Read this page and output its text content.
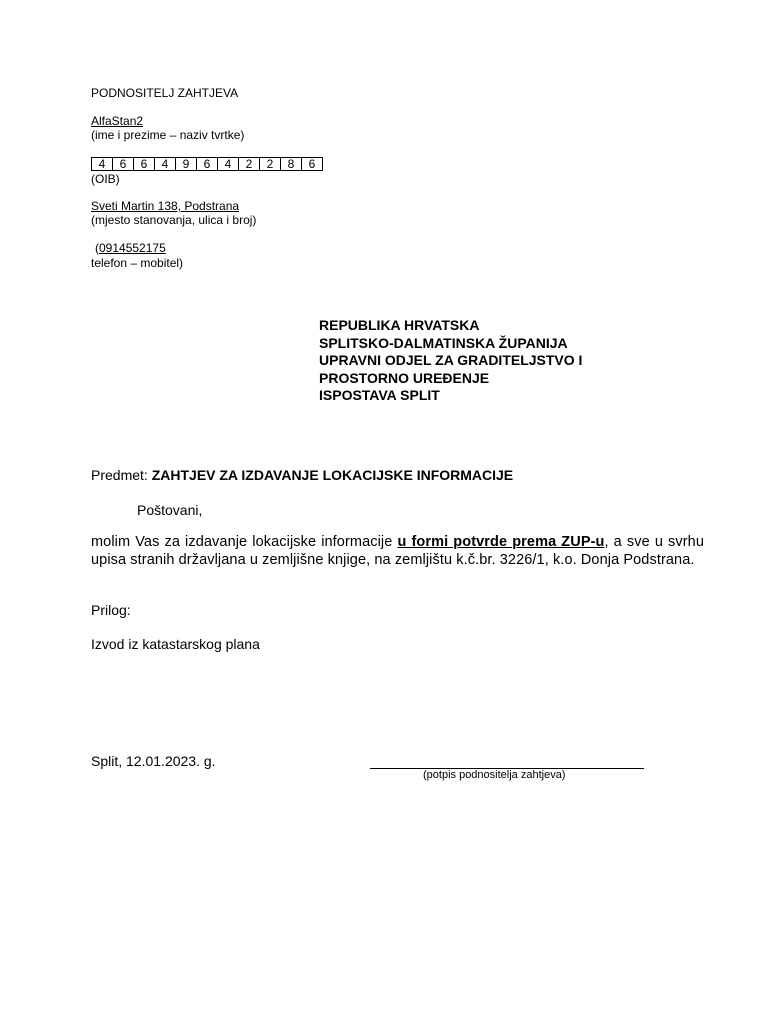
PODNOSITELJ ZAHTJEVA
AlfaStan2
(ime i prezime – naziv tvrtke)
4	6	6	4	9	6	4	2	2	8	6
(OIB)
Sveti Martin 138, Podstrana
(mjesto stanovanja, ulica i broj)
(0914552175
telefon – mobitel)
REPUBLIKA HRVATSKA
SPLITSKO-DALMATINSKA ŽUPANIJA
UPRAVNI ODJEL ZA GRADITELJSTVO I
PROSTORNO UREĐENJE
ISPOSTAVA SPLIT
Predmet: ZAHTJEV ZA IZDAVANJE LOKACIJSKE INFORMACIJE
Poštovani,
molim Vas za izdavanje lokacijske informacije u formi potvrde prema ZUP-u, a sve u svrhu upisa stranih državljana u zemljišne knjige, na zemljištu k.č.br. 3226/1, k.o. Donja Podstrana.
Prilog:
Izvod iz katastarskog plana
Split, 12.01.2023. g.
(potpis podnositelja zahtjeva)
